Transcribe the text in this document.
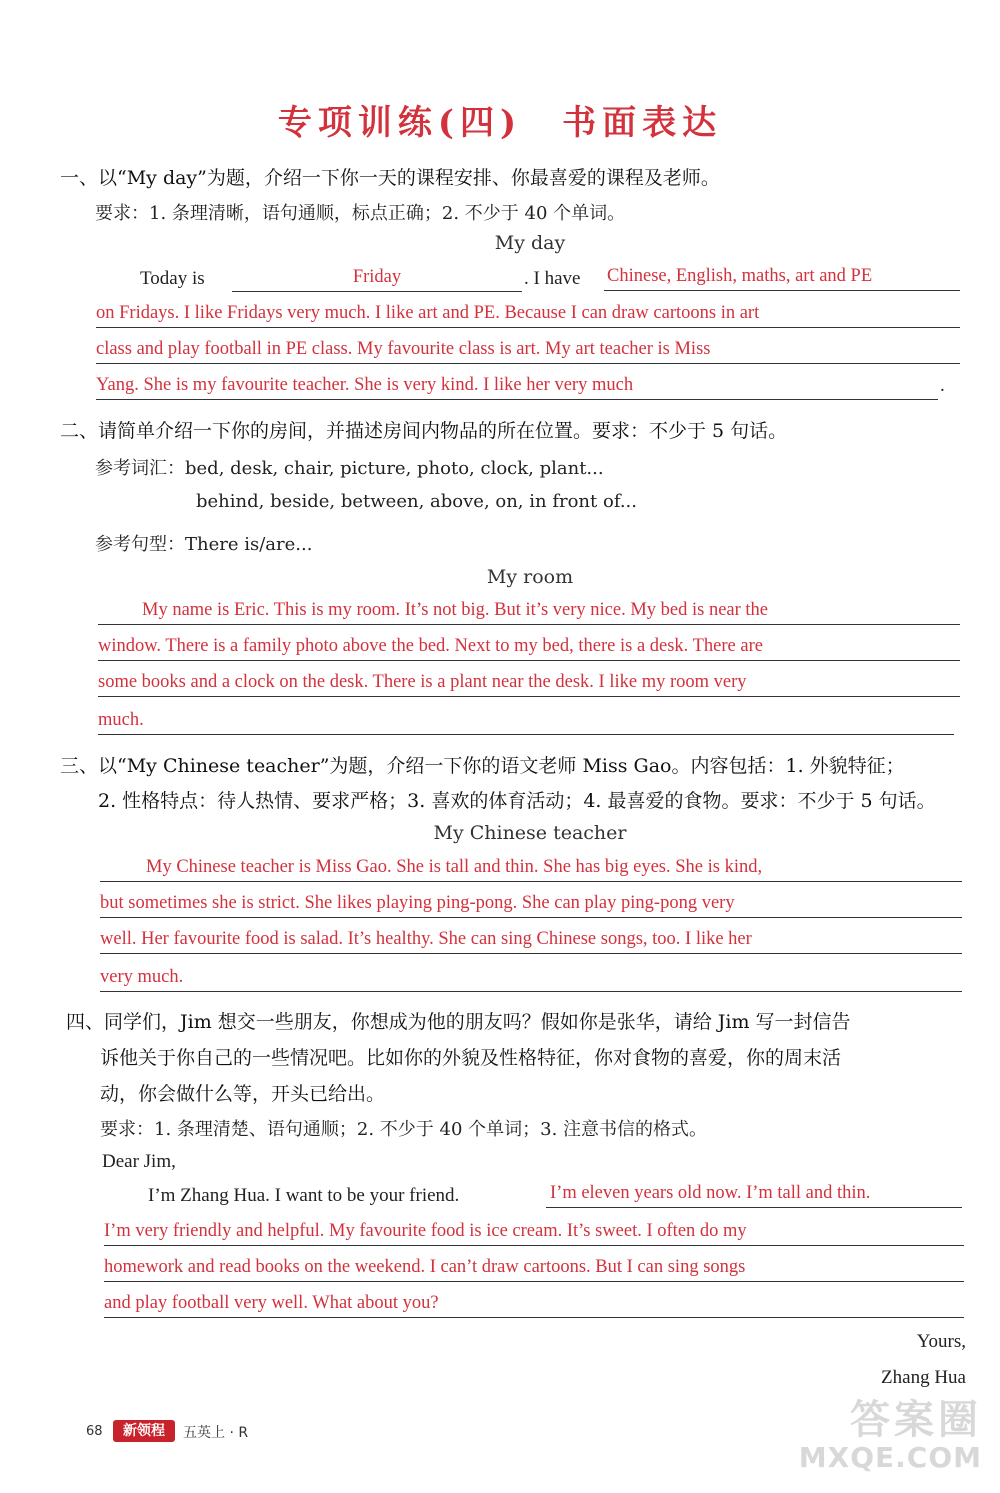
专项训练(四)　书面表达
一、以“My day”为题，介绍一下你一天的课程安排、你最喜爱的课程及老师。
要求：1. 条理清晰，语句通顺，标点正确；2. 不少于 40 个单词。
My day
Today is	Friday	. I have Chinese, English, maths, art and PE
on Fridays. I like Fridays very much. I like art and PE. Because I can draw cartoons in art
class and play football in PE class. My favourite class is art. My art teacher is Miss
Yang. She is my favourite teacher. She is very kind. I like her very much	.
二、请简单介绍一下你的房间，并描述房间内物品的所在位置。要求：不少于 5 句话。
参考词汇：bed, desk, chair, picture, photo, clock, plant...
behind, beside, between, above, on, in front of...
参考句型：There is/are...
My room
My name is Eric. This is my room. It’s not big. But it’s very nice. My bed is near the
window. There is a family photo above the bed. Next to my bed, there is a desk. There are
some books and a clock on the desk. There is a plant near the desk. I like my room very
much.
三、以“My Chinese teacher”为题，介绍一下你的语文老师 Miss Gao。内容包括：1. 外貌特征；
2. 性格特点：待人热情、要求严格；3. 喜欢的体育活动；4. 最喜爱的食物。要求：不少于 5 句话。
My Chinese teacher
My Chinese teacher is Miss Gao. She is tall and thin. She has big eyes. She is kind,
but sometimes she is strict. She likes playing ping-pong. She can play ping-pong very
well. Her favourite food is salad. It’s healthy. She can sing Chinese songs, too. I like her
very much.
四、同学们，Jim 想交一些朋友，你想成为他的朋友吗？假如你是张华，请给 Jim 写一封信告
诉他关于你自己的一些情况吧。比如你的外貌及性格特征，你对食物的喜爱，你的周末活
动，你会做什么等，开头已给出。
要求：1. 条理清楚、语句通顺；2. 不少于 40 个单词；3. 注意书信的格式。
Dear Jim,
I’m Zhang Hua. I want to be your friend.	I’m eleven years old now. I’m tall and thin.
I’m very friendly and helpful. My favourite food is ice cream. It’s sweet. I often do my
homework and read books on the weekend. I can’t draw cartoons. But I can sing songs
and play football very well. What about you?
Yours,
Zhang Hua
68	新领程	五英上 · R	答案圈
MXQE.COM
